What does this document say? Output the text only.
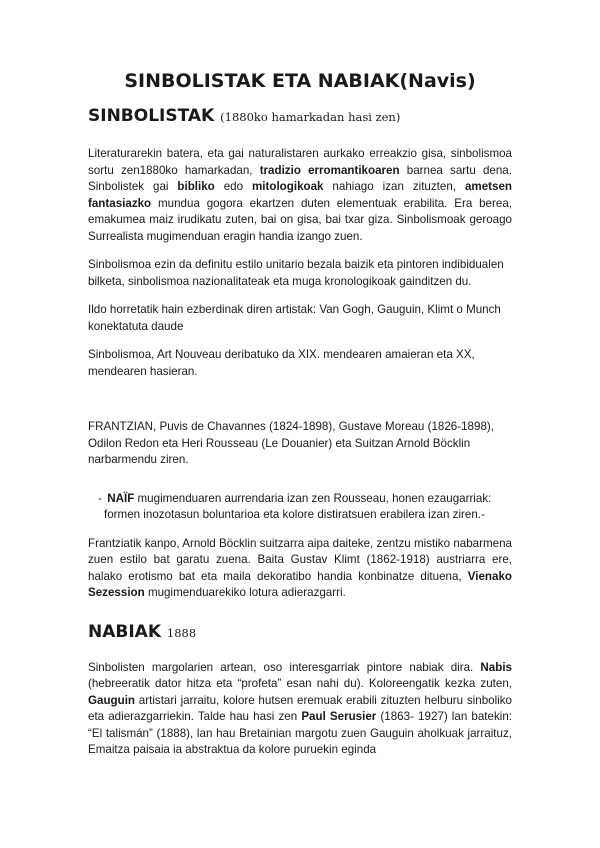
SINBOLISTAK ETA NABIAK(Navis)
SINBOLISTAK (1880ko hamarkadan hasi zen)

Literaturarekin batera, eta gai naturalistaren aurkako erreakzio gisa, sinbolismoa sortu zen1880ko hamarkadan, tradizio erromantikoaren barnea sartu dena. Sinbolistek gai bibliko edo mitologikoak nahiago izan zituzten, ametsen fantasiazko mundua gogora ekartzen duten elementuak erabilita. Era berea, emakumea maiz irudikatu zuten, bai on gisa, bai txar giza. Sinbolismoak geroago Surrealista mugimenduan eragin handia izango zuen.

Sinbolismoa ezin da definitu estilo unitario bezala baizik eta pintoren indibidualen bilketa, sinbolismoa nazionalitateak eta muga kronologikoak gainditzen du.

Ildo horretatik hain ezberdinak diren artistak: Van Gogh, Gauguin, Klimt o Munch konektatuta daude

Sinbolismoa, Art Nouveau deribatuko da XIX. mendearen amaieran eta XX, mendearen hasieran.

FRANTZIAN, Puvis de Chavannes (1824-1898), Gustave Moreau (1826-1898), Odilon Redon eta Heri Rousseau (Le Douanier) eta Suitzan Arnold Böcklin narbarmendu ziren.

- NAÏF mugimenduaren aurrendaria izan zen Rousseau, honen ezaugarriak:
formen inozotasun boluntarioa eta kolore distiratsuen erabilera izan ziren.-

Frantziatik kanpo, Arnold Böcklin suitzarra aipa daiteke, zentzu mistiko nabarmena zuen estilo bat garatu zuena. Baita Gustav Klimt (1862-1918) austriarra ere, halako erotismo bat eta maila dekoratibo handia konbinatze dituena, Vienako Sezession mugimenduarekiko lotura adierazgarri.

NABIAK 1888

Sinbolisten margolarien artean, oso interesgarriak pintore nabiak dira. Nabis (hebreeratik dator hitza eta “profeta” esan nahi du). Koloreengatik kezka zuten, Gauguin artistari jarraitu, kolore hutsen eremuak erabili zituzten helburu sinboliko eta adierazgarriekin. Talde hau hasi zen Paul Serusier (1863- 1927) lan batekin: “El talismán” (1888), lan hau Bretainian margotu zuen Gauguin aholkuak jarraituz, Emaitza paisaia ia abstraktua da kolore puruekin eginda
